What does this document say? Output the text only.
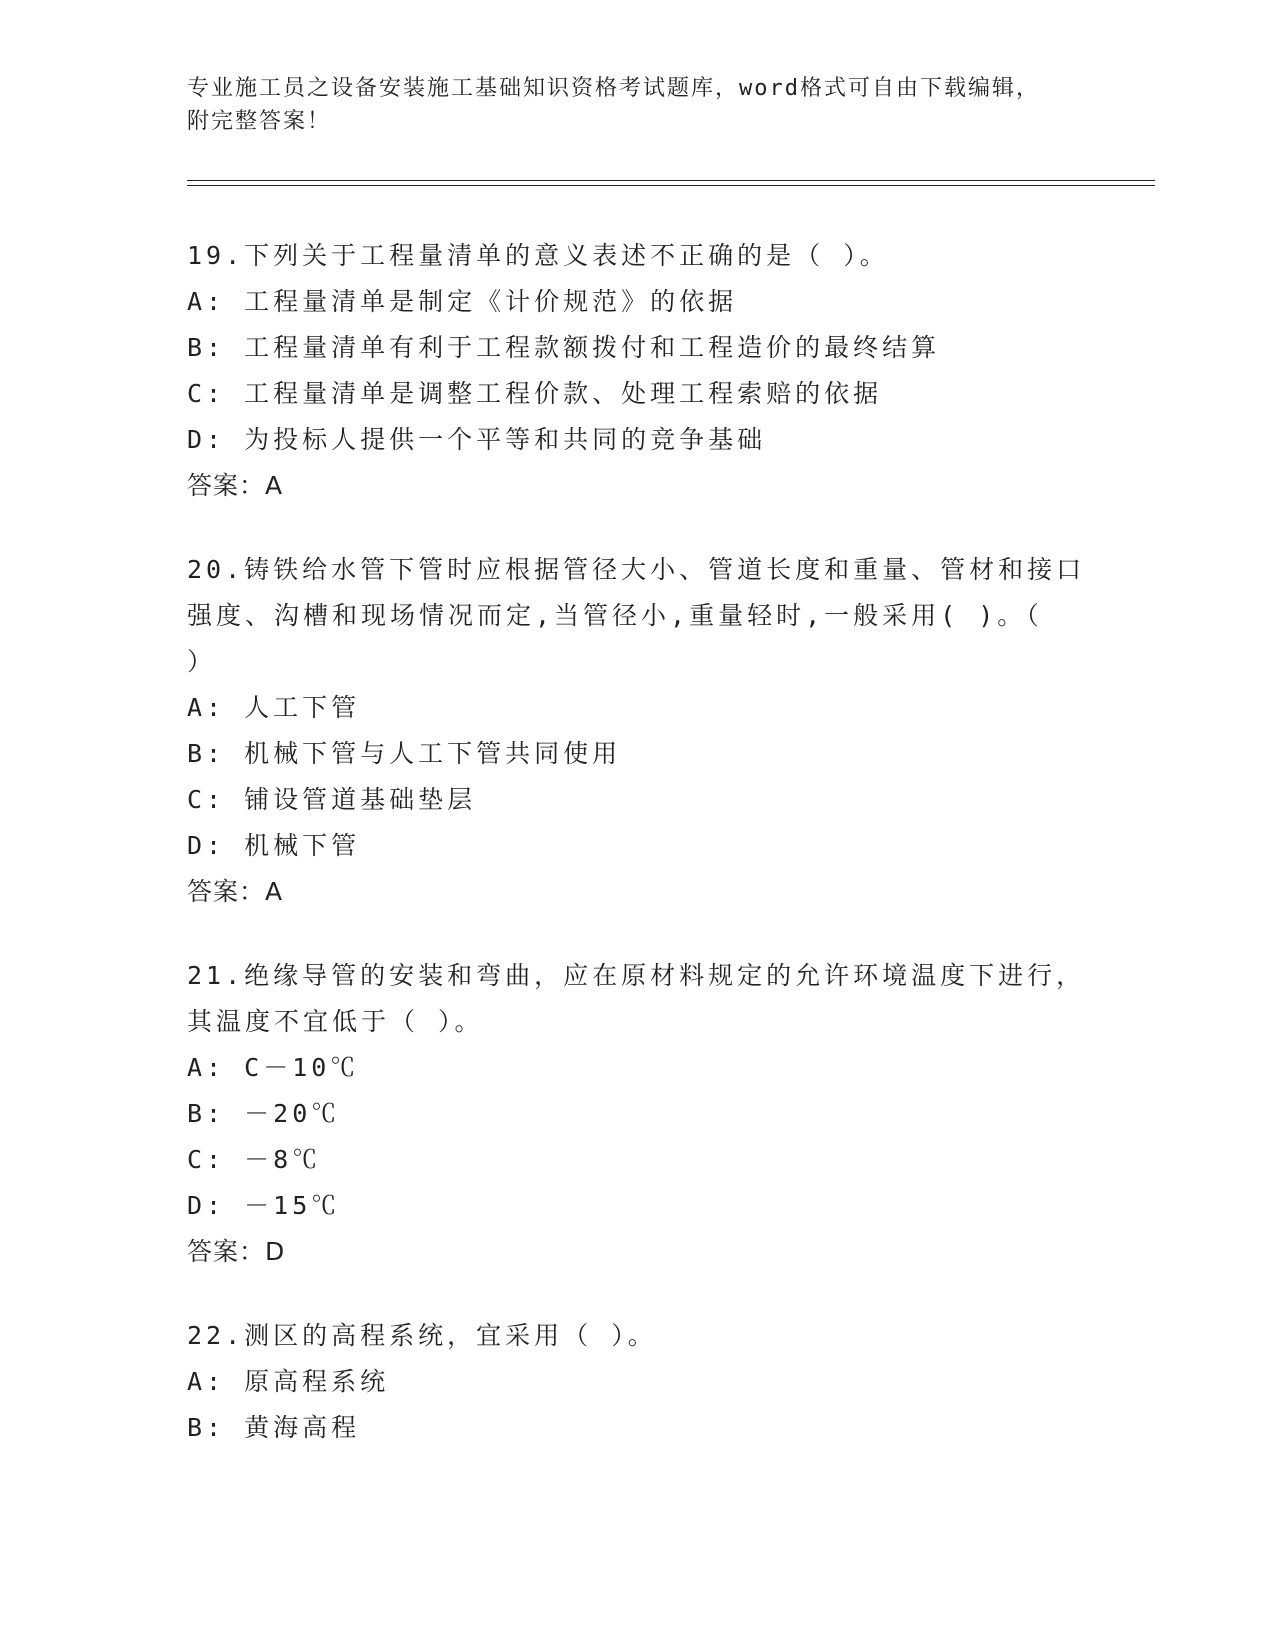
专业施工员之设备安装施工基础知识资格考试题库，word格式可自由下载编辑，
附完整答案！

19.下列关于工程量清单的意义表述不正确的是（ ）。

A: 工程量清单是制定《计价规范》的依据

B: 工程量清单有利于工程款额拨付和工程造价的最终结算

C: 工程量清单是调整工程价款、处理工程索赔的依据

D: 为投标人提供一个平等和共同的竞争基础

答案：A

20.铸铁给水管下管时应根据管径大小、管道长度和重量、管材和接口

强度、沟槽和现场情况而定,当管径小,重量轻时,一般采用( )。（

）

A: 人工下管

B: 机械下管与人工下管共同使用

C: 铺设管道基础垫层

D: 机械下管

答案：A

21.绝缘导管的安装和弯曲，应在原材料规定的允许环境温度下进行，

其温度不宜低于（ ）。

A: C－10℃

B: －20℃

C: －8℃

D: －15℃

答案：D

22.测区的高程系统，宜采用（ ）。

A: 原高程系统

B: 黄海高程
